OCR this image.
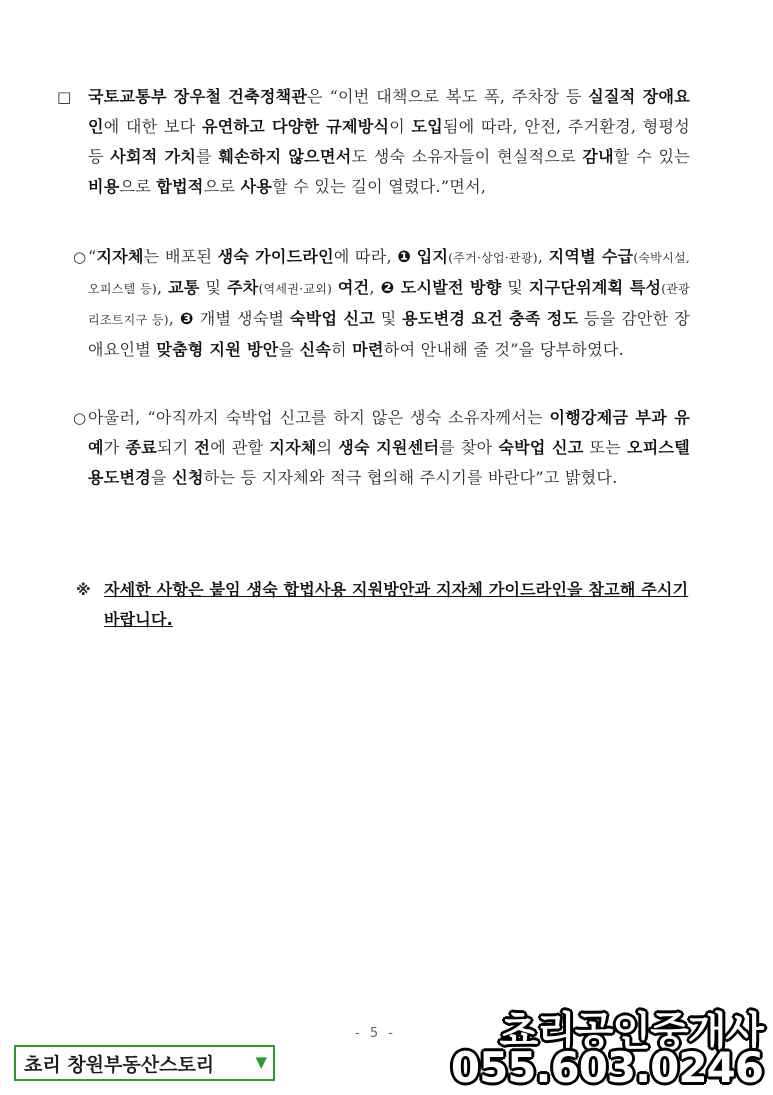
□ 국토교통부 장우철 건축정책관은 “이번 대책으로 복도 폭, 주차장 등 실질적 장애요인에 대한 보다 유연하고 다양한 규제방식이 도입됨에 따라, 안전, 주거환경, 형평성 등 사회적 가치를 훼손하지 않으면서도 생숙 소유자들이 현실적으로 감내할 수 있는 비용으로 합법적으로 사용할 수 있는 길이 열렸다.”면서,
○ “지자체는 배포된 생숙 가이드라인에 따라, ❶ 입지(주거·상업·관광), 지역별 수급(숙박시설, 오피스텔 등), 교통 및 주차(역세권·교외) 여건, ❷ 도시발전 방향 및 지구단위계획 특성(관광리조트지구 등), ❸ 개별 생숙별 숙박업 신고 및 용도변경 요건 충족 정도 등을 감안한 장애요인별 맞춤형 지원 방안을 신속히 마련하여 안내해 줄 것”을 당부하였다.
○ 아울러, “아직까지 숙박업 신고를 하지 않은 생숙 소유자께서는 이행강제금 부과 유예가 종료되기 전에 관할 지자체의 생숙 지원센터를 찾아 숙박업 신고 또는 오피스텔 용도변경을 신청하는 등 지자체와 적극 협의해 주시기를 바란다”고 밝혔다.
※ 자세한 사항은 붙임 생숙 합법사용 지원방안과 지자체 가이드라인을 참고해 주시기 바랍니다.
- 5 -
쵸리 창원부동산스토리	▼
쵸리공인중개사
055.603.0246
